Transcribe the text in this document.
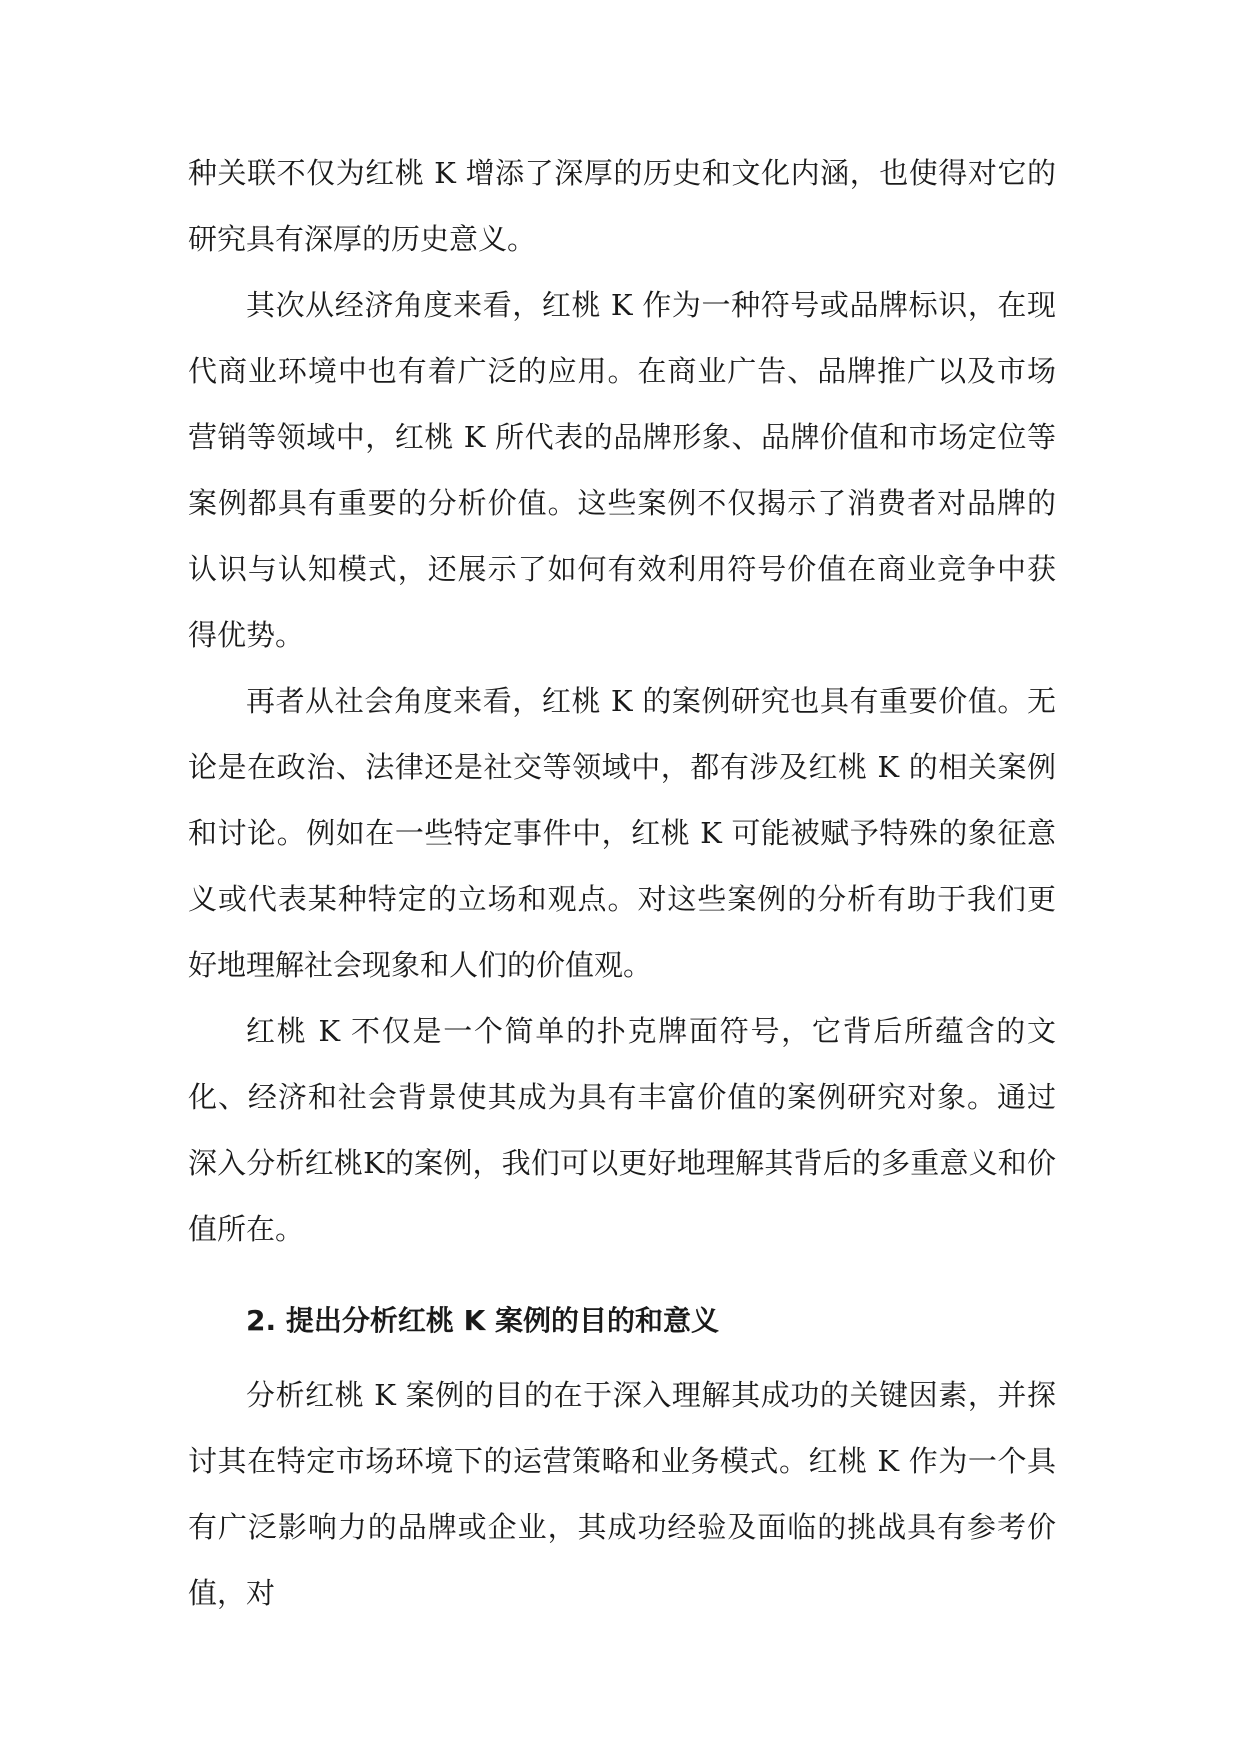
种关联不仅为红桃 K 增添了深厚的历史和文化内涵，也使得对它的研究具有深厚的历史意义。

其次从经济角度来看，红桃 K 作为一种符号或品牌标识，在现代商业环境中也有着广泛的应用。在商业广告、品牌推广以及市场营销等领域中，红桃 K 所代表的品牌形象、品牌价值和市场定位等案例都具有重要的分析价值。这些案例不仅揭示了消费者对品牌的认识与认知模式，还展示了如何有效利用符号价值在商业竞争中获得优势。

再者从社会角度来看，红桃 K 的案例研究也具有重要价值。无论是在政治、法律还是社交等领域中，都有涉及红桃 K 的相关案例和讨论。例如在一些特定事件中，红桃 K 可能被赋予特殊的象征意义或代表某种特定的立场和观点。对这些案例的分析有助于我们更好地理解社会现象和人们的价值观。

红桃 K 不仅是一个简单的扑克牌面符号，它背后所蕴含的文化、经济和社会背景使其成为具有丰富价值的案例研究对象。通过深入分析红桃K的案例，我们可以更好地理解其背后的多重意义和价值所在。

2. 提出分析红桃 K 案例的目的和意义

分析红桃 K 案例的目的在于深入理解其成功的关键因素，并探讨其在特定市场环境下的运营策略和业务模式。红桃 K 作为一个具有广泛影响力的品牌或企业，其成功经验及面临的挑战具有参考价值，对
